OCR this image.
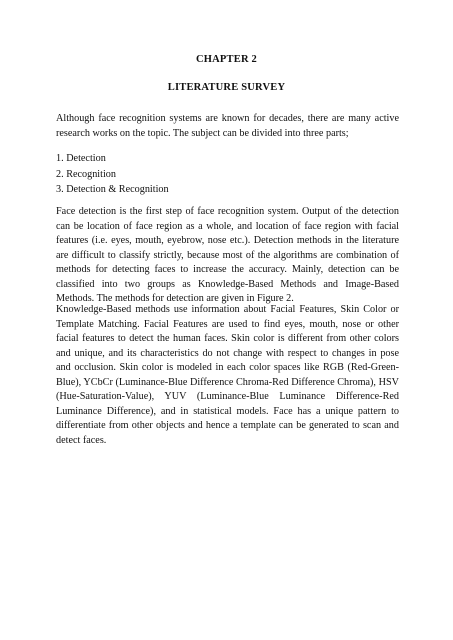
CHAPTER 2
LITERATURE SURVEY

Although face recognition systems are known for decades, there are many active research works on the topic. The subject can be divided into three parts;

1. Detection
2. Recognition
3. Detection & Recognition

Face detection is the first step of face recognition system. Output of the detection can be location of face region as a whole, and location of face region with facial features (i.e. eyes, mouth, eyebrow, nose etc.). Detection methods in the literature are difficult to classify strictly, because most of the algorithms are combination of methods for detecting faces to increase the accuracy. Mainly, detection can be classified into two groups as Knowledge-Based Methods and Image-Based Methods. The methods for detection are given in Figure 2.

Knowledge-Based methods use information about Facial Features, Skin Color or Template Matching. Facial Features are used to find eyes, mouth, nose or other facial features to detect the human faces. Skin color is different from other colors and unique, and its characteristics do not change with respect to changes in pose and occlusion. Skin color is modeled in each color spaces like RGB (Red-Green-Blue), YCbCr (Luminance-Blue Difference Chroma-Red Difference Chroma), HSV (Hue-Saturation-Value), YUV (Luminance-Blue Luminance Difference-Red Luminance Difference), and in statistical models. Face has a unique pattern to differentiate from other objects and hence a template can be generated to scan and detect faces.
